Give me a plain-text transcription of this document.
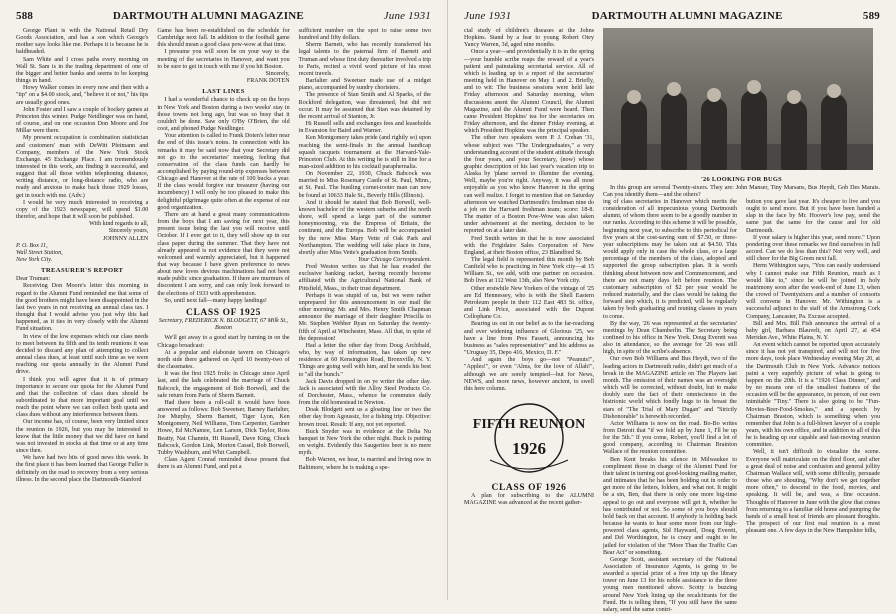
588	DARTMOUTH ALUMNI MAGAZINE	June 1931

George Plant is with the National Retail Dry Goods Association, and has a son which George's mother says looks like me. Perhaps it is because he is baldheaded.

Sam White and I cross paths every morning on Wall St. Sam is in the trading department of one of the bigger and better banks and seems to be keeping things in hand.

Howy Walker comes in every now and then with a "tip" on a $4.00 stock, and, "believe it or not," his tips are usually good ones.

John Foster and I saw a couple of hockey games at Princeton this winter. Pudge Neidlinger was on hand, of course, and on one occasion Don Moore and Joe Millar were there.

My present occupation is combination statistician and customers' man with DeWitt Pfeimann and Company, members of the New York Stock Exchange. 45 Exchange Place. I am tremendously interested in this work, am finding it successful, and suggest that all those within telephoning distance, writing distance, or long-distance radio, who are ready and anxious to make back those 1929 losses, get in touch with me. (Adv.)

I would be very much interested in receiving a copy of the 1923 newspaper, will spend $1.00 therefor, and hope that it will soon be published.

With kind regards to all,

Sincerely yours,

JOHNNY ALLEN

P. O. Box 11,

Wall Street Station,

New York City.

TREASURER'S REPORT

Dear Truman:

Receiving Don Moore's letter this morning in regard to the Alumni Fund reminded me that some of the good brothers might have been disappointed in the last two years in not receiving an annual class tax. I thought that I would advise you just why this had happened, as it ties in very closely with the Alumni Fund situation.

In view of the low expenses which our class needs to meet between its fifth and its tenth reunions it was decided to discard any plan of attempting to collect annual class dues, at least until such time as we were reaching our quota annually in the Alumni Fund drive.

I think you will agree that it is of primary importance to secure our quota for the Alumni Fund and that the collection of class dues should be subordinated to that more important goal until we reach the point where we can collect both quota and class dues without any interference between them.

Our income has, of course, been very limited since the reunion in 1926, but you may be interested to know that the little money that we did have on hand was not invested in stocks at that time or at any time since then.

We have had two bits of good news this week. In the first place it has been learned that George Fuller is definitely on the road to recovery from a very serious illness. In the second place the Dartmouth-Stanford

Game has been re-established on the schedule for Cambridge next fall. In addition to the football game this should mean a good class pow-wow at that time.

I presume you will soon be on your way to the meeting of the secretaries in Hanover, and want you to be sure to get in touch with me if you hit Boston.

Sincerely,

FRANK DOTEN

LAST LINES

I had a wonderful chance to check up on the boys in New York and Boston during a two weeks' stay in those towns not long ago, but was so busy that it couldn't be done. Saw only O'By O'Brien, the old coot, and phoned Pudge Neidlinger.

Your attention is called to Frank Doten's letter near the end of this issue's notes. In connection with his remarks it may be said now that your Secretary did not go to the secretaries' meeting, feeling that conservation of the class funds can hardly be accomplished by paying round-trip expenses between Chicago and Hanover at the rate of 100 bucks a year. If the class would forgive our treasurer (having our incumbency) I will only be too pleased to make this delightful pilgrimage quite often at the expense of our good organization.

There are at hand a great many communications from the boys that I am saving for next year, this present issue being the last you will receive until October. If I ever get to it, they will show up in our class paper during the summer. That they have not already appeared is not evidence that they were not welcomed and warmly appreciated, but it happened that way because I have given preference to news about new loves devious machinations had not been made public since graduation. If there are murmurs of discontent I am sorry, and can only look forward to the elections of 1933 with apprehension.

So, until next fall—many happy landings!

CLASS OF 1925
Secretary, FREDERICK N. BLODGETT, 67 Milk St., Boston

We'll get away to a good start by turning in on the Chicago broadcast:

At a popular and elaborate tavern on Chicago's north side there gathered on April 10 twenty-two of the classmates.

It was the first 1925 frolic in Chicago since April last, and the lads celebrated the marriage of Chuck Babcock, the engagement of Bob Borwell, and the safe return from Paris of Sherm Barnett.

Had there been a roll-call it would have been answered as follows: Bob Sweetser, Barney Barfalter, Joe Murphy, Sherm Barnett, Tiger Lyon, Ken Montgomery, Neil Williams, Tom Carpenter, Gardner Howe, Ed McNamee, Len Larson, Dick Taylor, Ross Beatty, Nat Channin, Hi Russell, Dave King, Chuck Babcock, Gordon Link, Morton Cassel, Bob Borwell, Tubby Washburn, and Whit Campbell.

Class Agent Conrad reminded those present that there is an Alumni Fund, and put a

sufficient number on the spot to raise some two hundred and fifty dollars.

Sherm Barnett, who has recently transferred his legal talents to the paternal firm of Barnett and Truman and whose first duty thereafter involved a trip to Paris, recited a vivid word picture of his most recent travels.

Barfalter and Sweetser made use of a midget piano, accompanied by sundry choristers.

The presence of Stan Smith and Al Sparks, of the Rockford delegation, was threatened, but did not occur. It may be assumed that Stan was detained by the recent arrival of Stanton, Jr.

Hi Russell sells and exchanges fees and leaseholds in Evanston for Baird and Warner.

Ken Montgomery takes pride (and rightly so) upon reaching the semi-finals in the annual handicap squash racquets tournament at the Harvard-Yale-Princeton Club. At this writing he is still in line for a man-sized addition to his cocktail paraphernalia.

On November 22, 1930, Chuck Babcock was married to Miss Rosemary Castle of St. Paul, Minn., at St. Paul. The bustling cornet-tooter man can now be found at 10633 Hale St., Beverly Hills (Illinois).

And it should be stated that Bob Borwell, well-known bachelor of the western suburbs and the north shore, will spend a large part of the summer honeymooning, via the Empress of Britain, the continent, and the Europa. Bob will be accompanied by the now Miss Mary Vette of Oak Park and Northampton. The wedding will take place in June, shortly after Miss Vette's graduation from Smith.

Your Chicago Correspondent.

Fred Weston writes us that he has evaded the exclusive banking racket, having recently become affiliated with the Agricultural National Bank of Pittsfield, Mass., in their trust department.

Perhaps it was stupid of us, but we were rather unprepared for this announcement in our mail the other morning: Mr. and Mrs. Henry Smith Chapman announce the marriage of their daughter Priscilla to Mr. Stephen Webber Ryan on Saturday the twenty-fifth of April at Winchester, Mass. All that, in spite of the depression!

Had a letter the other day from Doug Archibald, who, by way of information, has taken up new residence at 60 Kensington Road, Bronxville, N. Y. Things are going well with him, and he sends his best to "all the bunch."

Jack Davis dropped in on ye writer the other day. Jack is associated with the Alloy Steel Products Co. of Dorchester, Mass., whence he commutes daily from the old homestead in Newton.

Doak Blodgett sent us a gloating line or two the other day from Agoussiz, for a fishing trip. Objective: brown trout. Result: If any, not yet reported.

Buck Snyder was in evidence at the Delta Nu banquet in New York the other night. Buck is putting on weight. Evidently this Saugerties beer is no mere myth.

Bob Warren, we hear, is married and living now in Baltimore, where he is making a spe-

June 1931	DARTMOUTH ALUMNI MAGAZINE	589

cial study of children's diseases at the Johns Hopkins. Stand by a fear to young Robert Otey Yancy Warren, 3d, aged nine months.

Once a year—and providentially it is in the spring—your humble scribe reaps the reward of a year's patient and painstaking secretarial service. All of which is leading up to a report of the secretaries' meeting held in Hanover on May 1 and 2. Briefly, and to wit: The business sessions were held late Friday afternoon and Saturday morning, when discussions anent the Alumni Council, the Alumni Magazine, and the Alumni Fund were heard. Then came President Hopkins' tea for the secretaries on Friday afternoon, and the dinner Friday evening, at which President Hopkins was the principal speaker.

The other two speakers were P. J. Crehan '31, whose subject was "The Undergraduates," a very understanding account of the student attitude through the four years, and your Secretary, (now) whose graphic description of his last year's vacation trip to Alaska by 'plane served to illumine the evening. Well, maybe you're right. Anyway, it was all most enjoyable as you who know Hanover in the spring can well realize. I forget to mention that on Saturday afternoon we watched Dartmouth's freshman nine do a job on the Harvard freshman team; score: 18-8. The matter of a Boston Pow-Wow was also taken under advisement at the meeting, decision to be reported on at a later date.

Fred Smith writes in that he is now associated with the Frigidaire Sales Corporation of New England, at their Boston office, 23 Blandford St.

The legal field is represented this month by Bob Canfield who is practicing in New York city—at 15 William St., we add, with one partner on occasion. Bob lives at 112 West 13th, also New York city.

Other erstwhile New Yorkers of the vintage of '25 are Ed Hennessey, who is with the Shell Eastern Petroleum people in their 112 East 483 St. office, and Link Price, associated with the Dupont Cellophane Co.

Bearing us out in our belief as to the far-reaching and ever widening influence of Glorious '25, we have a line from Pres Fassett, announcing his business as "sales representative" and his address as "Uruguay 35, Depo 416, Mexico, D. F."

And again the boys go—not "Peanuts!", "Apples!", or even "Alms, for the love of Allah!", although we are sorely tempted—but for News, NEWS, and more news, however ancient, to swell this here column.

FIFTH REUNION
1926
CLASS OF 1926

A plan for subscribing to the ALUMNI MAGAZINE was advanced at the recent gather-

'26 LOOKING FOR BUGS

In this group are several Twenty-sixers. They are: John Manser, Tiny Marsans, Bus Heydt, Gob Des Marais. Can you identify them—and the others?

ing of class secretaries in Hanover which merits the consideration of all impecunious young Dartmouth alumni, of whom there seem to be a goodly number in our ranks. According to this scheme it will be possible, beginning next year, to subscribe to this periodical for five years at the cost-saving sum of $7.50, or three-year subscriptions may be taken out at $4.50. This would apply only in case the whole class, or a large percentage of the members of the class, adopted and supported the group subscription plan. It is worth thinking about between now and Commencement, and there are not many days left before reunion. The customary subscription of $2 per year would be reduced materially, and the class would be taking the forward step which, it is predicted, will be regularly taken by both graduating and reuning classes in years to come.

By the way, '26 was represented at the secretaries' meetings by Dean Chamberlin. The Secretary being confined to his office in New York. Doug Everett was also in attendance, so the average for '26 was still high, in spite of the scribe's absence.

Our own Bob Williams and Bus Heydt, two of the leading actors in Dartmouth radio, didn't get much of a break in the MAGAZINE article on The Players last month. The omission of their names was an oversight which will be corrected, without doubt, but to make doubly sure the fact of their omniscience in the histrionic world which fondly hugs to its breast the stars of "The Trial of Mary Dugan" and "Strictly Dishonorable" is herewith recorded.

Actor Williams is now on the road. Bo-Bo writes from Detroit that "if we fold up by June 1, I'll be up for the 5th." If you come, Robert, you'll find a lot of good company, according to Chairman Brainton Wallace of the reunion committee.

Ben Kent breaks his silence in Milwaukee to compliment those in charge of the Alumni Fund for their talent in turning out good-looking mailing matter, and intimates that he has been holding out in order to get more of the letters, folders, and what not. It might be a sin, Ben, that there is only one more big-time appeal to go out and everyone will get it, whether he has contributed or not. So some of you boys should hold back on that account. If anybody is holding back because he wants to hear some more from our high-powered class agents, Sid Hayward, Doug Everett, and Del Worthington, he is crazy and ought to be jailed for violation of the "More Than the Traffic Can Bear Act" or something.

George Scott, assistant secretary of the National Association of Insurance Agents, is going to be awarded a special prize of a free trip up the library tower on June 13 for his noble assistance to the three young men mentioned above. Scotty is buzzing around New York lining up the recalcitrants for the Fund. He is telling them, "If you still have the same salary, send the same contri-

bution you gave last year. It's cheaper to live and you ought to send more. But if you have been handed a slap in the face by Mr. Hoover's low pay, send the same just the same for the cause and for old Dartmouth.

If your salary is higher this year, send more." Upon pondering over these remarks we find ourselves in full accord. Can we do less than this? Not very well, and still cheer for the Big Green next fall.

Herm Withington says, "You can easily understand why I cannot make our Fifth Reunion, much as I would like to," since he will be joined in holy matrimony soon after the week-end of June 13, when the crowd of Twentysixers and a number of consorts will convene in Hanover. Mr. Withington is a successful adjunct to the staff of the Armstrong Cork Company, Lancaster, Pa. Excuse accepted.

Bill and Mrs. Bill Fish announce the arrival of a baby girl, Barbara Blauvelt, on April 27, at 454 Meridan Ave., White Plains, N. Y.

An event which cannot be reported upon accurately since it has not yet transpired, and will not for five more days, took place Wednesday evening May 20, at the Dartmouth Club in New York. Advance notices paint a very superbly picture of what is going to happen on the 20th. It is a "1926 Class Dinner," and by no means one of the smallest features of the occasion will be the appearance, in person, of our own inimitable "Tiny." There is also going to be "Fun-Movies-Beer-Food-Smokes," and a speech by Chairman Braston, which is something when you remember that John is a full-blown lawyer of a couple years, with his own office, and in addition to all of this he is heading up our capable and fast-moving reunion committee.

Well, it isn't difficult to visualize the scene. Everyone will matriculate on the third floor, and after a great deal of noise and confusion and general jollity Chairman Wallace will, with some difficulty, persuade those who are shouting, "Why don't we get together more often," to descend to the food, movies, and speaking. It will be, and was, a fine occasion. Thoughts of Hanover in June with the glow that comes from returning to a familiar old home and pumping the hands of a small host of friends are pleasant thoughts. The prospect of our first real reunion is a most pleasant one. A few days in the New Hampshire hills,
